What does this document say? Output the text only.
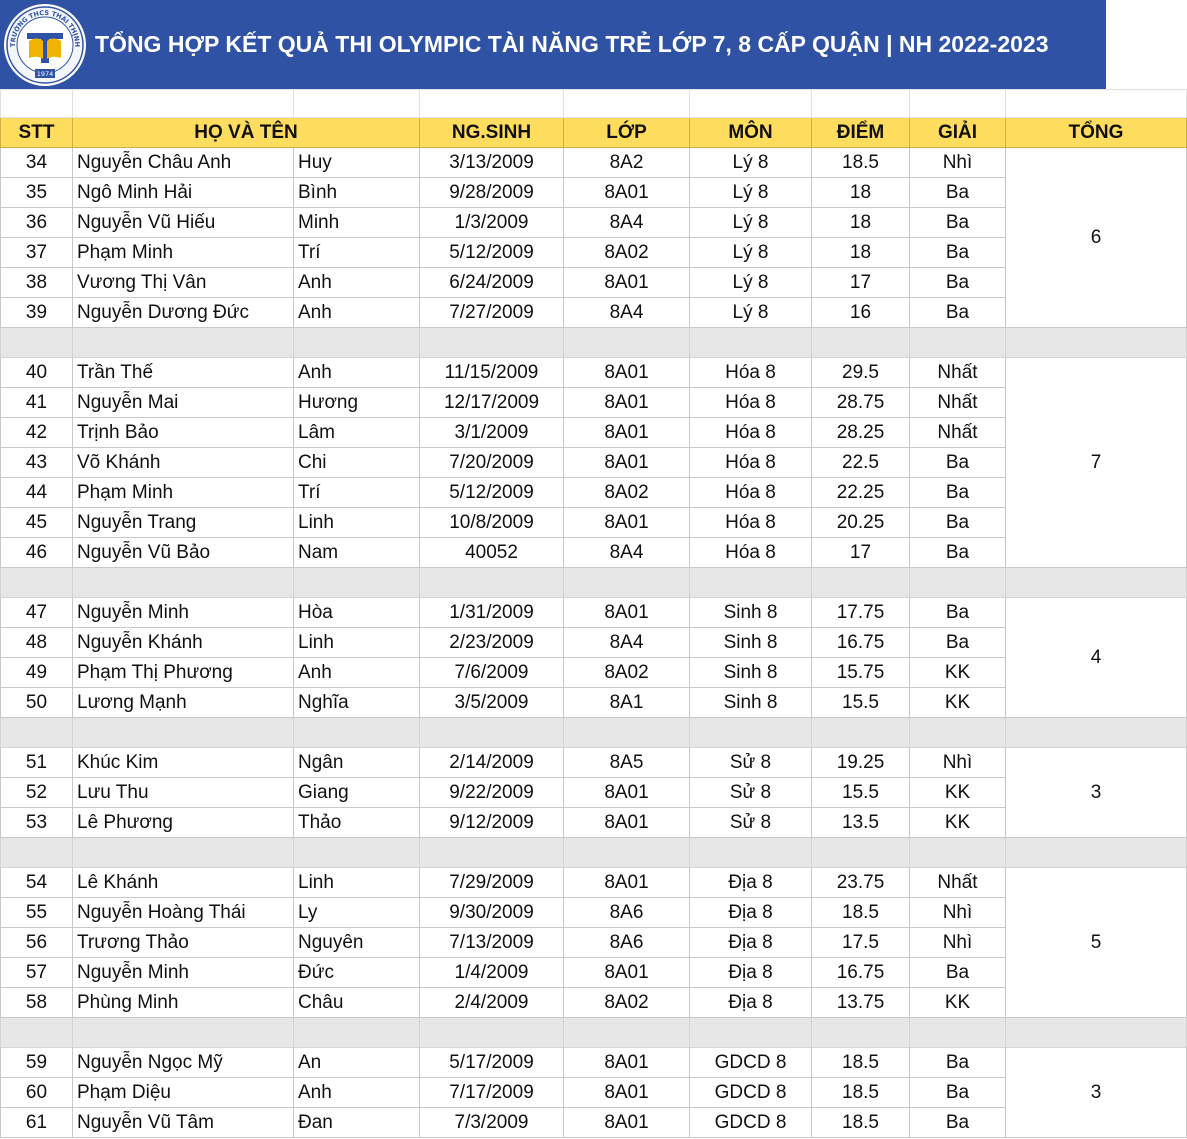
TRƯỜNG THCS THÁI THỊNH
1974
TỔNG HỢP KẾT QUẢ THI OLYMPIC TÀI NĂNG TRẺ LỚP 7, 8 CẤP QUẬN | NH 2022-2023

STT	HỌ VÀ TÊN		NG.SINH	LỚP	MÔN	ĐIỂM	GIẢI	TỔNG
34	Nguyễn Châu Anh	Huy	3/13/2009	8A2	Lý 8	18.5	Nhì	6
35	Ngô Minh Hải	Bình	9/28/2009	8A01	Lý 8	18	Ba	
36	Nguyễn Vũ Hiếu	Minh	1/3/2009	8A4	Lý 8	18	Ba	
37	Phạm Minh	Trí	5/12/2009	8A02	Lý 8	18	Ba	
38	Vương Thị Vân	Anh	6/24/2009	8A01	Lý 8	17	Ba	
39	Nguyễn Dương Đức	Anh	7/27/2009	8A4	Lý 8	16	Ba	

40	Trần Thế	Anh	11/15/2009	8A01	Hóa 8	29.5	Nhất	7
41	Nguyễn Mai	Hương	12/17/2009	8A01	Hóa 8	28.75	Nhất	
42	Trịnh Bảo	Lâm	3/1/2009	8A01	Hóa 8	28.25	Nhất	
43	Võ Khánh	Chi	7/20/2009	8A01	Hóa 8	22.5	Ba	
44	Phạm Minh	Trí	5/12/2009	8A02	Hóa 8	22.25	Ba	
45	Nguyễn Trang	Linh	10/8/2009	8A01	Hóa 8	20.25	Ba	
46	Nguyễn Vũ Bảo	Nam	40052	8A4	Hóa 8	17	Ba	

47	Nguyễn Minh	Hòa	1/31/2009	8A01	Sinh 8	17.75	Ba	4
48	Nguyễn Khánh	Linh	2/23/2009	8A4	Sinh 8	16.75	Ba	
49	Phạm Thị Phương	Anh	7/6/2009	8A02	Sinh 8	15.75	KK	
50	Lương Mạnh	Nghĩa	3/5/2009	8A1	Sinh 8	15.5	KK	

51	Khúc Kim	Ngân	2/14/2009	8A5	Sử 8	19.25	Nhì	3
52	Lưu Thu	Giang	9/22/2009	8A01	Sử 8	15.5	KK	
53	Lê Phương	Thảo	9/12/2009	8A01	Sử 8	13.5	KK	

54	Lê Khánh	Linh	7/29/2009	8A01	Địa 8	23.75	Nhất	5
55	Nguyễn Hoàng Thái	Ly	9/30/2009	8A6	Địa 8	18.5	Nhì	
56	Trương Thảo	Nguyên	7/13/2009	8A6	Địa 8	17.5	Nhì	
57	Nguyễn Minh	Đức	1/4/2009	8A01	Địa 8	16.75	Ba	
58	Phùng Minh	Châu	2/4/2009	8A02	Địa 8	13.75	KK	

59	Nguyễn Ngọc Mỹ	An	5/17/2009	8A01	GDCD 8	18.5	Ba	3
60	Phạm Diệu	Anh	7/17/2009	8A01	GDCD 8	18.5	Ba	
61	Nguyễn Vũ Tâm	Đan	7/3/2009	8A01	GDCD 8	18.5	Ba	
